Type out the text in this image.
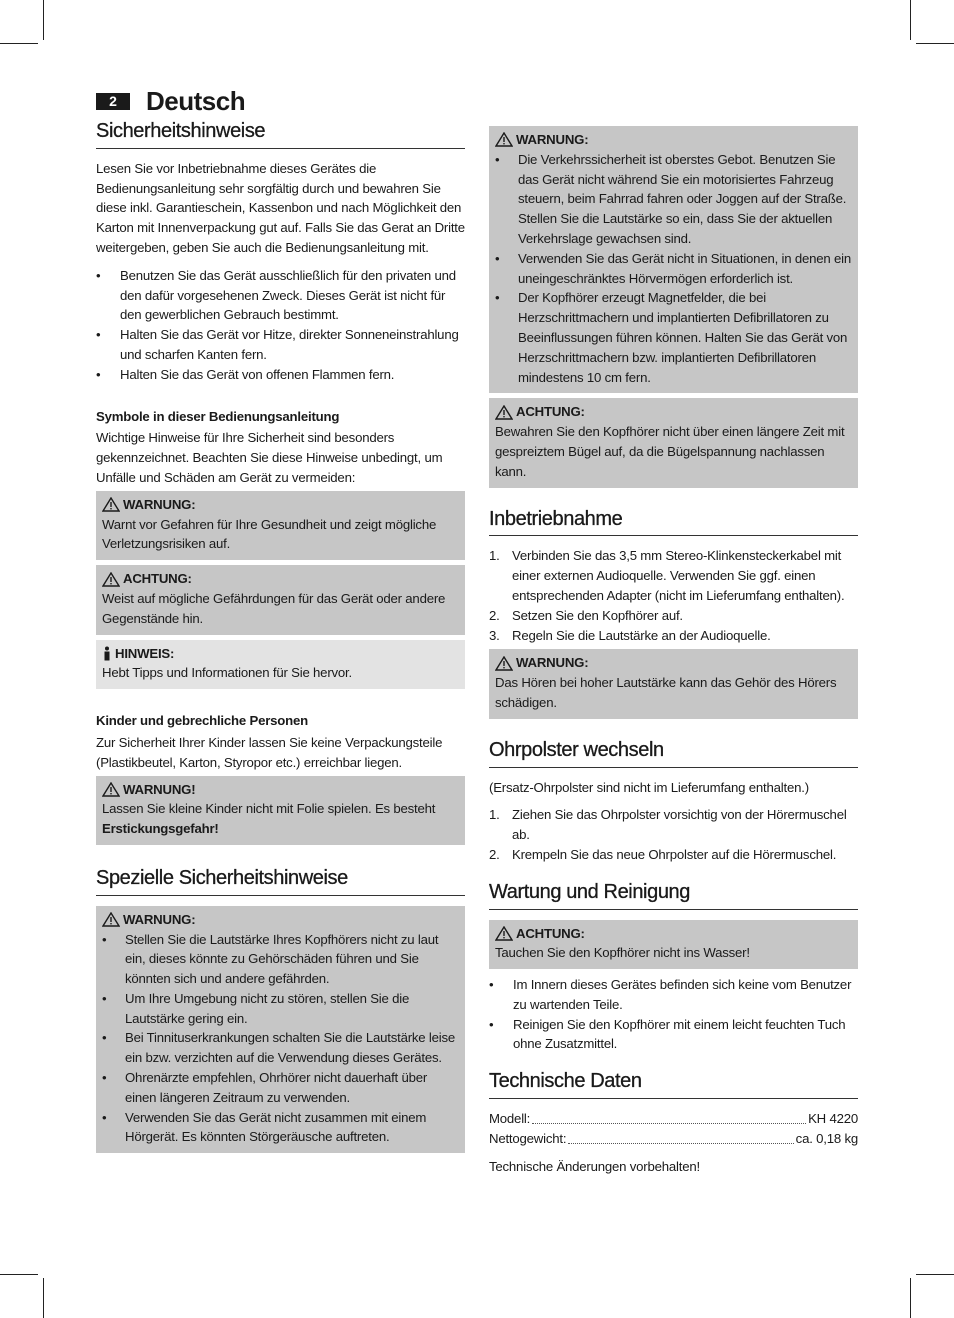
2	Deutsch
Sicherheitshinweise

Lesen Sie vor Inbetriebnahme dieses Gerätes die Bedienungsanleitung sehr sorgfältig durch und bewahren Sie diese inkl. Garantieschein, Kassenbon und nach Möglichkeit den Karton mit Innenverpackung gut auf. Falls Sie das Gerat an Dritte weitergeben, geben Sie auch die Bedienungsanleitung mit.

• Benutzen Sie das Gerät ausschließlich für den privaten und den dafür vorgesehenen Zweck. Dieses Gerät ist nicht für den gewerblichen Gebrauch bestimmt.
• Halten Sie das Gerät vor Hitze, direkter Sonneneinstrahlung und scharfen Kanten fern.
• Halten Sie das Gerät von offenen Flammen fern.
Symbole in dieser Bedienungsanleitung

Wichtige Hinweise für Ihre Sicherheit sind besonders gekennzeichnet. Beachten Sie diese Hinweise unbedingt, um Unfälle und Schäden am Gerät zu vermeiden:

WARNUNG:
Warnt vor Gefahren für Ihre Gesundheit und zeigt mögliche Verletzungsrisiken auf.
ACHTUNG:
Weist auf mögliche Gefährdungen für das Gerät oder andere Gegenstände hin.
HINWEIS:
Hebt Tipps und Informationen für Sie hervor.
Kinder und gebrechliche Personen

Zur Sicherheit Ihrer Kinder lassen Sie keine Verpackungsteile (Plastikbeutel, Karton, Styropor etc.) erreichbar liegen.

WARNUNG!
Lassen Sie kleine Kinder nicht mit Folie spielen. Es besteht
Erstickungsgefahr!
Spezielle Sicherheitshinweise
WARNUNG:
• Stellen Sie die Lautstärke Ihres Kopfhörers nicht zu laut ein, dieses könnte zu Gehörschäden führen und Sie könnten sich und andere gefährden.
• Um Ihre Umgebung nicht zu stören, stellen Sie die Lautstärke gering ein.
• Bei Tinnituserkrankungen schalten Sie die Lautstärke leise ein bzw. verzichten auf die Verwendung dieses Gerätes.
• Ohrenärzte empfehlen, Ohrhörer nicht dauerhaft über einen längeren Zeitraum zu verwenden.
• Verwenden Sie das Gerät nicht zusammen mit einem Hörgerät. Es könnten Störgeräusche auftreten.
WARNUNG:
• Die Verkehrssicherheit ist oberstes Gebot. Benutzen Sie das Gerät nicht während Sie ein motorisiertes Fahrzeug steuern, beim Fahrrad fahren oder Joggen auf der Straße. Stellen Sie die Lautstärke so ein, dass Sie der aktuellen Verkehrslage gewachsen sind.
• Verwenden Sie das Gerät nicht in Situationen, in denen ein uneingeschränktes Hörvermögen erforderlich ist.
• Der Kopfhörer erzeugt Magnetfelder, die bei Herzschrittmachern und implantierten Defibrillatoren zu Beeinflussungen führen können. Halten Sie das Gerät von Herzschrittmachern bzw. implantierten Defibrillatoren mindestens 10 cm fern.
ACHTUNG:
Bewahren Sie den Kopfhörer nicht über einen längere Zeit mit gespreiztem Bügel auf, da die Bügelspannung nachlassen kann.
Inbetriebnahme
1. Verbinden Sie das 3,5 mm Stereo-Klinkensteckerkabel mit einer externen Audioquelle. Verwenden Sie ggf. einen entsprechenden Adapter (nicht im Lieferumfang enthalten).
2. Setzen Sie den Kopfhörer auf.
3. Regeln Sie die Lautstärke an der Audioquelle.
WARNUNG:
Das Hören bei hoher Lautstärke kann das Gehör des Hörers schädigen.
Ohrpolster wechseln

(Ersatz-Ohrpolster sind nicht im Lieferumfang enthalten.)

1. Ziehen Sie das Ohrpolster vorsichtig von der Hörermuschel ab.
2. Krempeln Sie das neue Ohrpolster auf die Hörermuschel.
Wartung und Reinigung
ACHTUNG:
Tauchen Sie den Kopfhörer nicht ins Wasser!
• Im Innern dieses Gerätes befinden sich keine vom Benutzer zu wartenden Teile.
• Reinigen Sie den Kopfhörer mit einem leicht feuchten Tuch ohne Zusatzmittel.
Technische Daten
Modell:	KH 4220
Nettogewicht:	ca. 0,18 kg

Technische Änderungen vorbehalten!
